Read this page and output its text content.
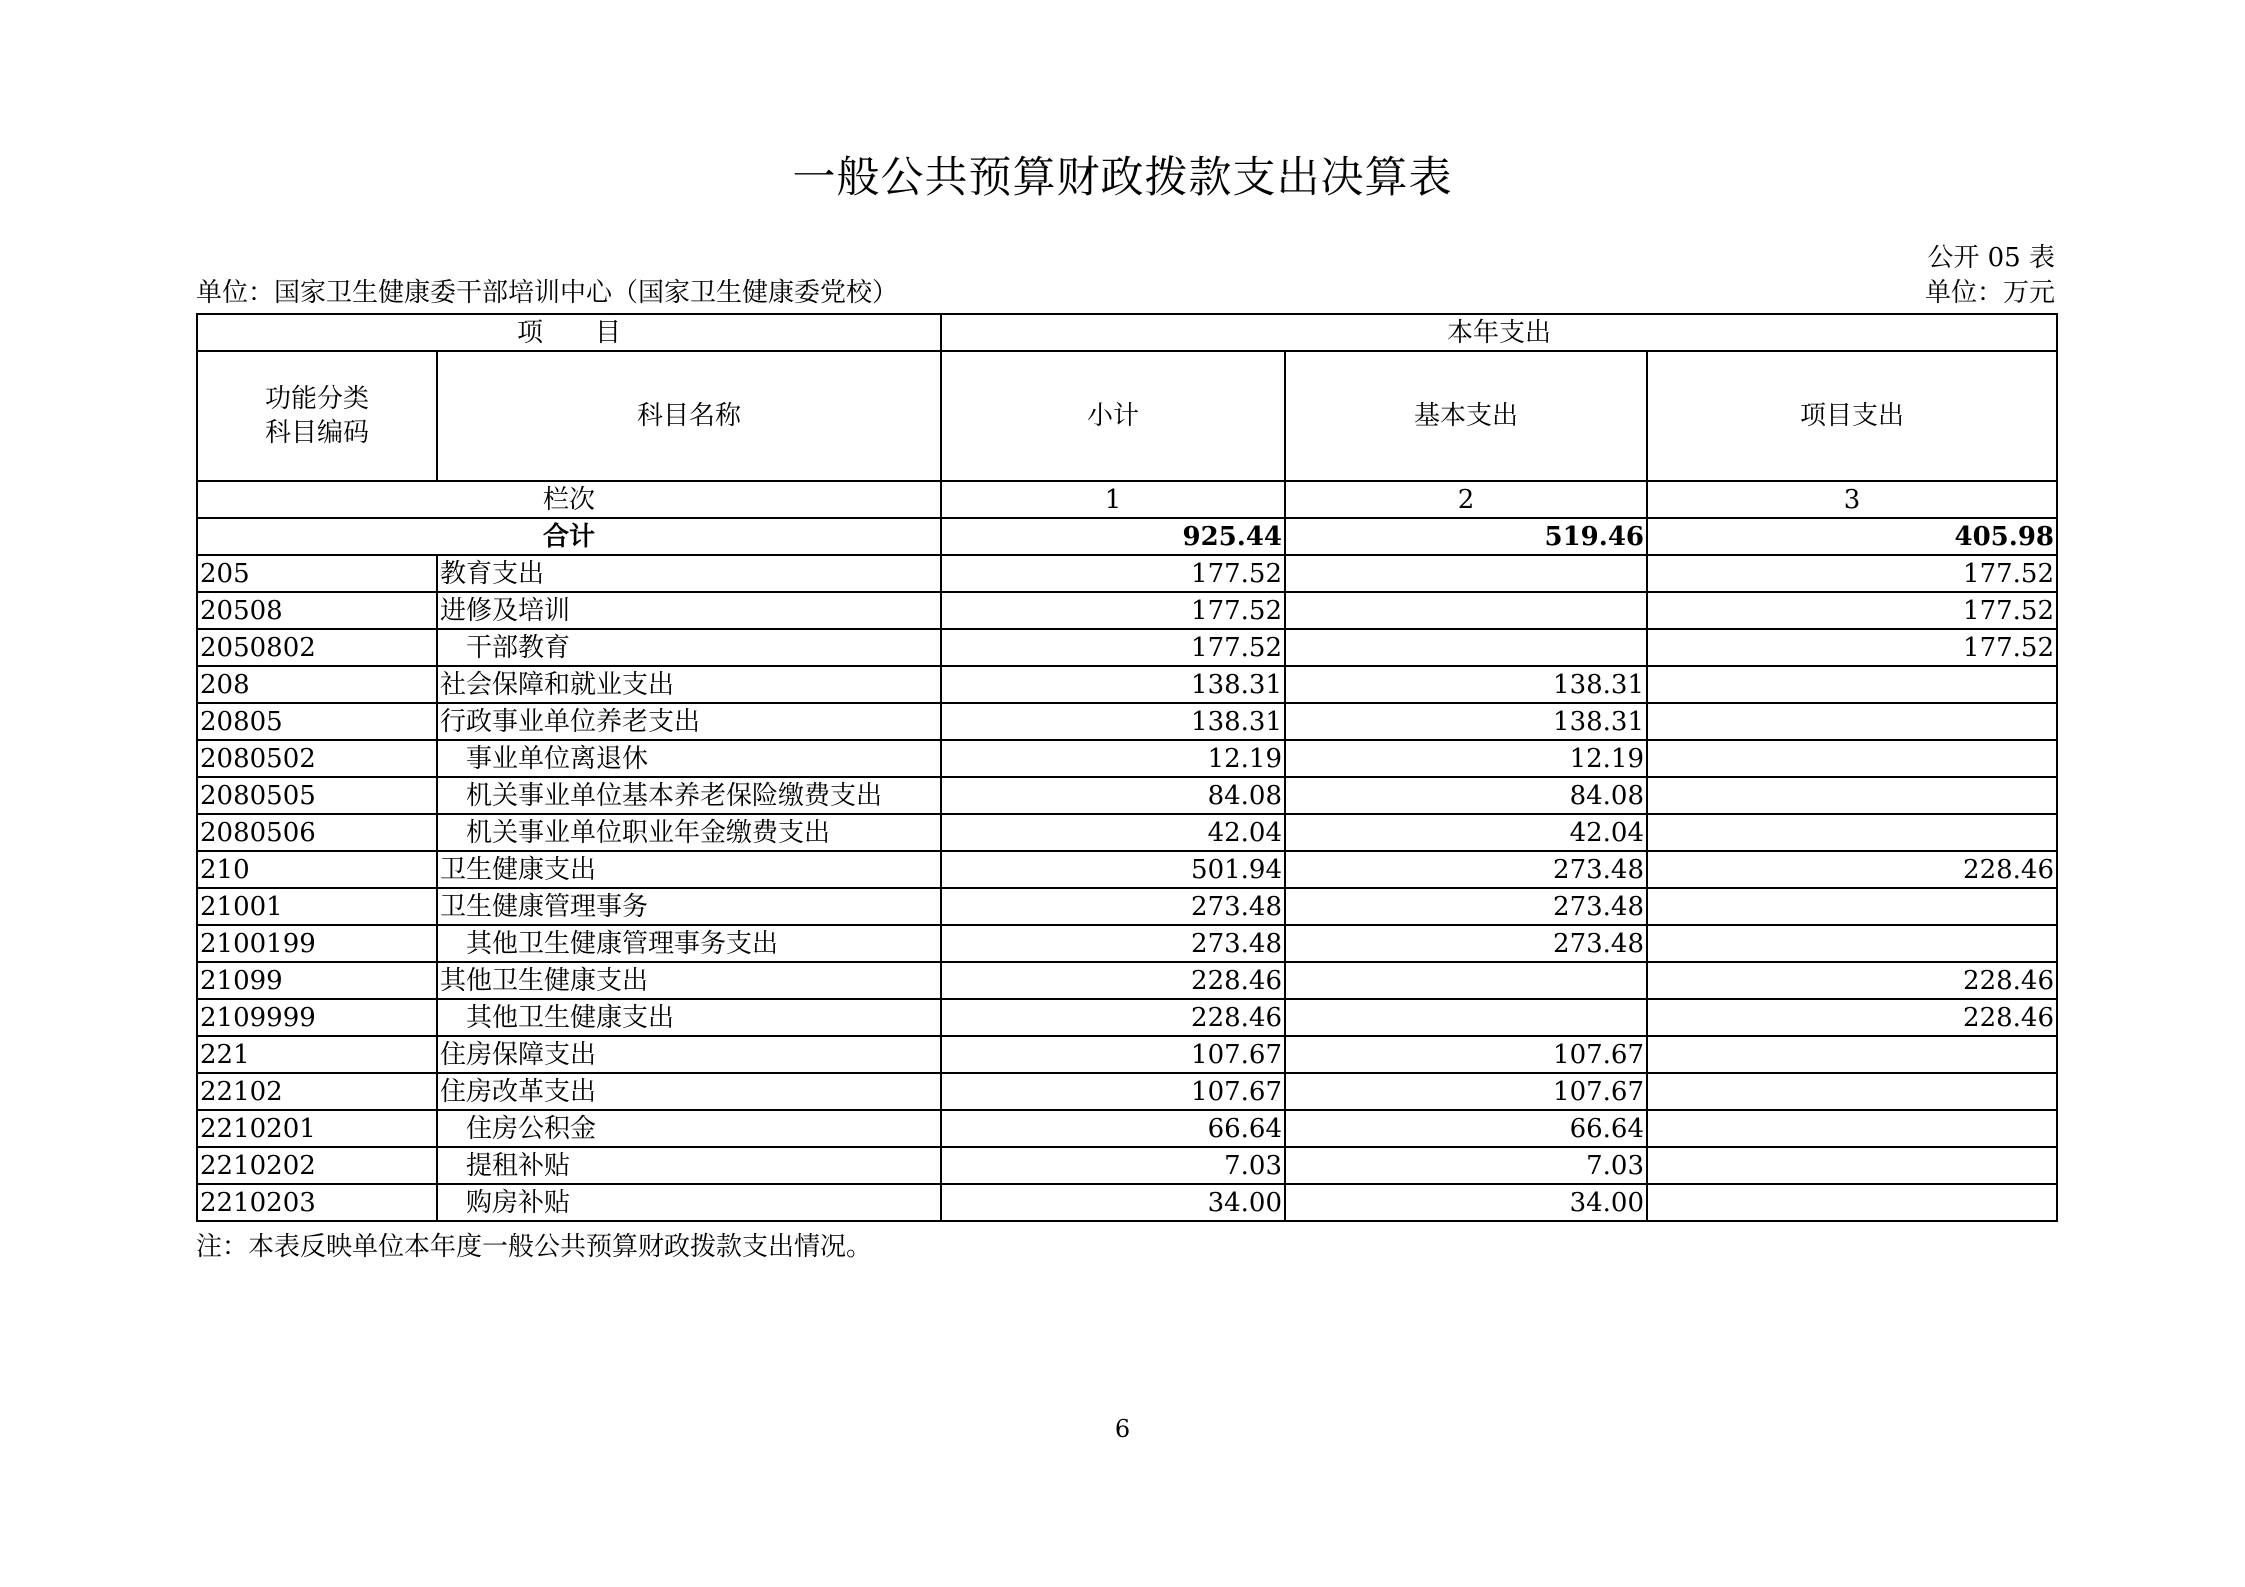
一般公共预算财政拨款支出决算表
公开 05 表
单位：国家卫生健康委干部培训中心（国家卫生健康委党校）	单位：万元
项　　目		本年支出		

功能分类
科目编码	科目名称	小计	基本支出	项目支出
栏次		1	2	3
合计		925.44	519.46	405.98
205	教育支出	177.52		177.52
20508	进修及培训	177.52		177.52
2050802	干部教育	177.52		177.52
208	社会保障和就业支出	138.31	138.31	
20805	行政事业单位养老支出	138.31	138.31	
2080502	事业单位离退休	12.19	12.19	
2080505	机关事业单位基本养老保险缴费支出	84.08	84.08	
2080506	机关事业单位职业年金缴费支出	42.04	42.04	
210	卫生健康支出	501.94	273.48	228.46
21001	卫生健康管理事务	273.48	273.48	
2100199	其他卫生健康管理事务支出	273.48	273.48	
21099	其他卫生健康支出	228.46		228.46
2109999	其他卫生健康支出	228.46		228.46
221	住房保障支出	107.67	107.67	
22102	住房改革支出	107.67	107.67	
2210201	住房公积金	66.64	66.64	
2210202	提租补贴	7.03	7.03	
2210203	购房补贴	34.00	34.00	
注：本表反映单位本年度一般公共预算财政拨款支出情况。
6
